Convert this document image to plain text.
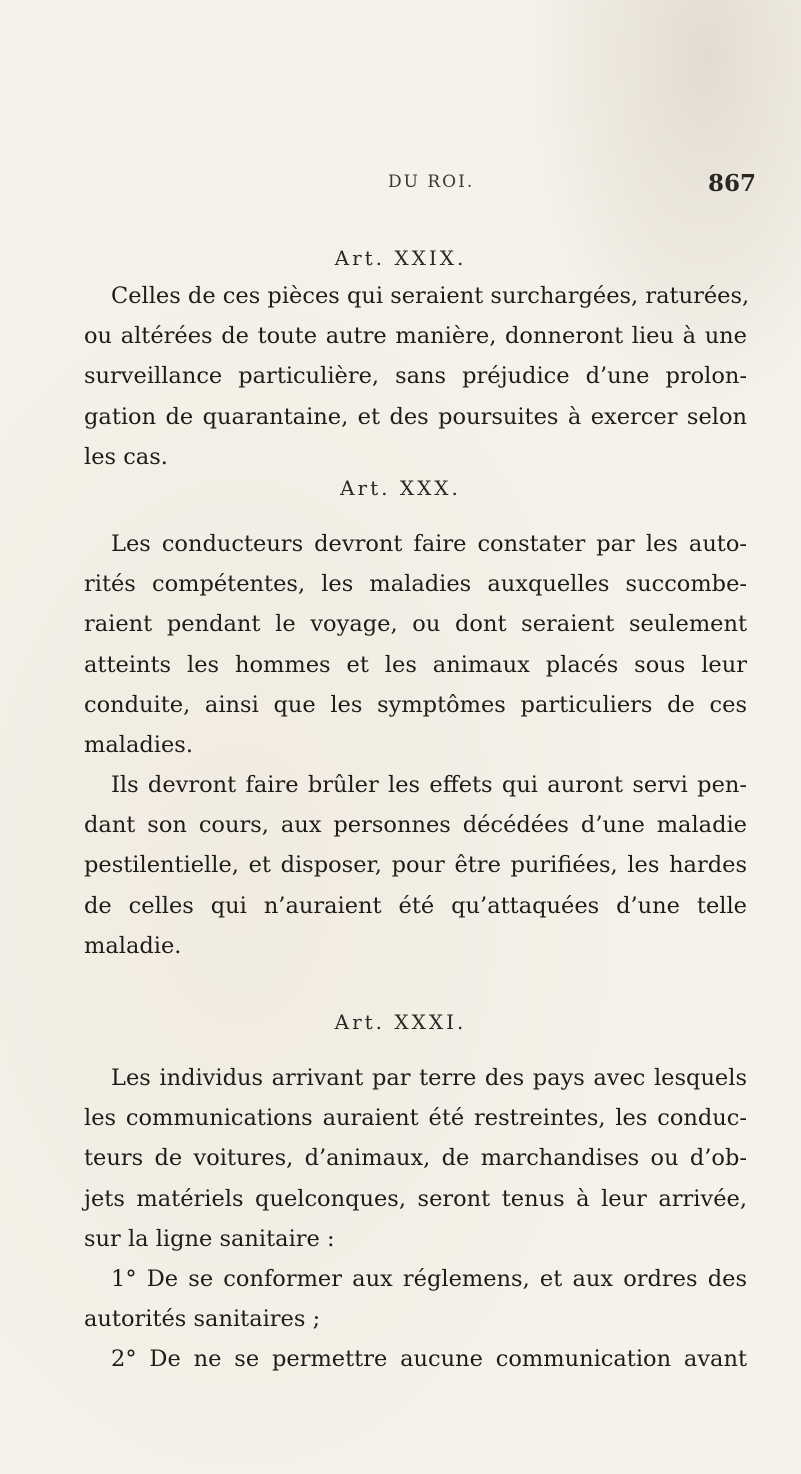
DU ROI.	867
Art. XXIX.
Celles de ces pièces qui seraient surchargées, raturées,
ou altérées de toute autre manière, donneront lieu à une
surveillance particulière, sans préjudice d’une prolon-
gation de quarantaine, et des poursuites à exercer selon
les cas.
Art. XXX.
Les conducteurs devront faire constater par les auto-
rités compétentes, les maladies auxquelles succombe-
raient pendant le voyage, ou dont seraient seulement
atteints les hommes et les animaux placés sous leur
conduite, ainsi que les symptômes particuliers de ces
maladies.
Ils devront faire brûler les effets qui auront servi pen-
dant son cours, aux personnes décédées d’une maladie
pestilentielle, et disposer, pour être purifiées, les hardes
de celles qui n’auraient été qu’attaquées d’une telle
maladie.
Art. XXXI.
Les individus arrivant par terre des pays avec lesquels
les communications auraient été restreintes, les conduc-
teurs de voitures, d’animaux, de marchandises ou d’ob-
jets matériels quelconques, seront tenus à leur arrivée,
sur la ligne sanitaire :
1° De se conformer aux réglemens, et aux ordres des
autorités sanitaires ;
2° De ne se permettre aucune communication avant
